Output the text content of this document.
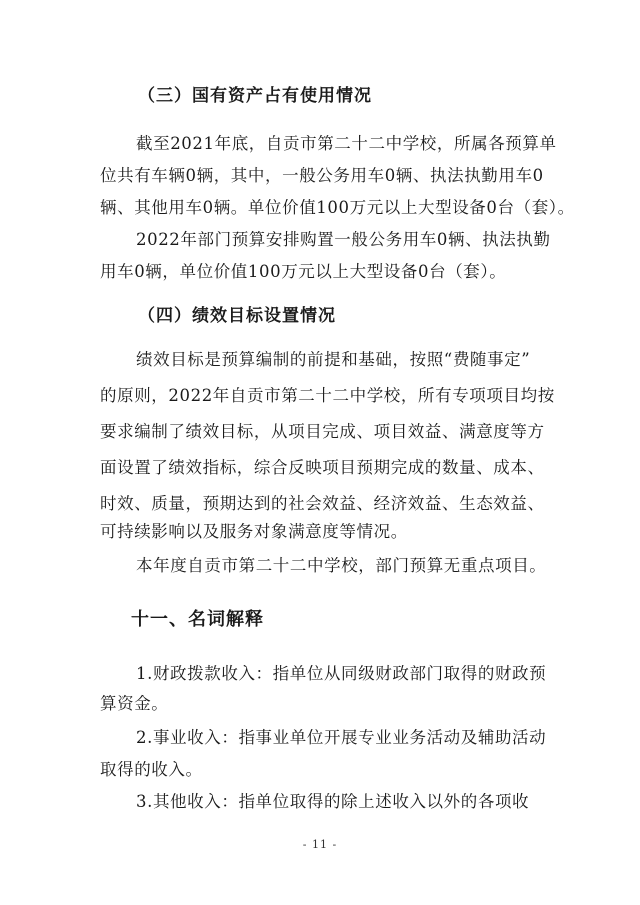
（三）国有资产占有使用情况
截至2021年底，自贡市第二十二中学校，所属各预算单
位共有车辆0辆，其中，一般公务用车0辆、执法执勤用车0
辆、其他用车0辆。单位价值100万元以上大型设备0台（套）。
2022年部门预算安排购置一般公务用车0辆、执法执勤
用车0辆，单位价值100万元以上大型设备0台（套）。
（四）绩效目标设置情况
绩效目标是预算编制的前提和基础，按照“费随事定”
的原则，2022年自贡市第二十二中学校，所有专项项目均按
要求编制了绩效目标，从项目完成、项目效益、满意度等方
面设置了绩效指标，综合反映项目预期完成的数量、成本、
时效、质量，预期达到的社会效益、经济效益、生态效益、
可持续影响以及服务对象满意度等情况。
本年度自贡市第二十二中学校，部门预算无重点项目。
十一、名词解释
1.财政拨款收入：指单位从同级财政部门取得的财政预
算资金。
2.事业收入：指事业单位开展专业业务活动及辅助活动
取得的收入。
3.其他收入：指单位取得的除上述收入以外的各项收
- 11 -
